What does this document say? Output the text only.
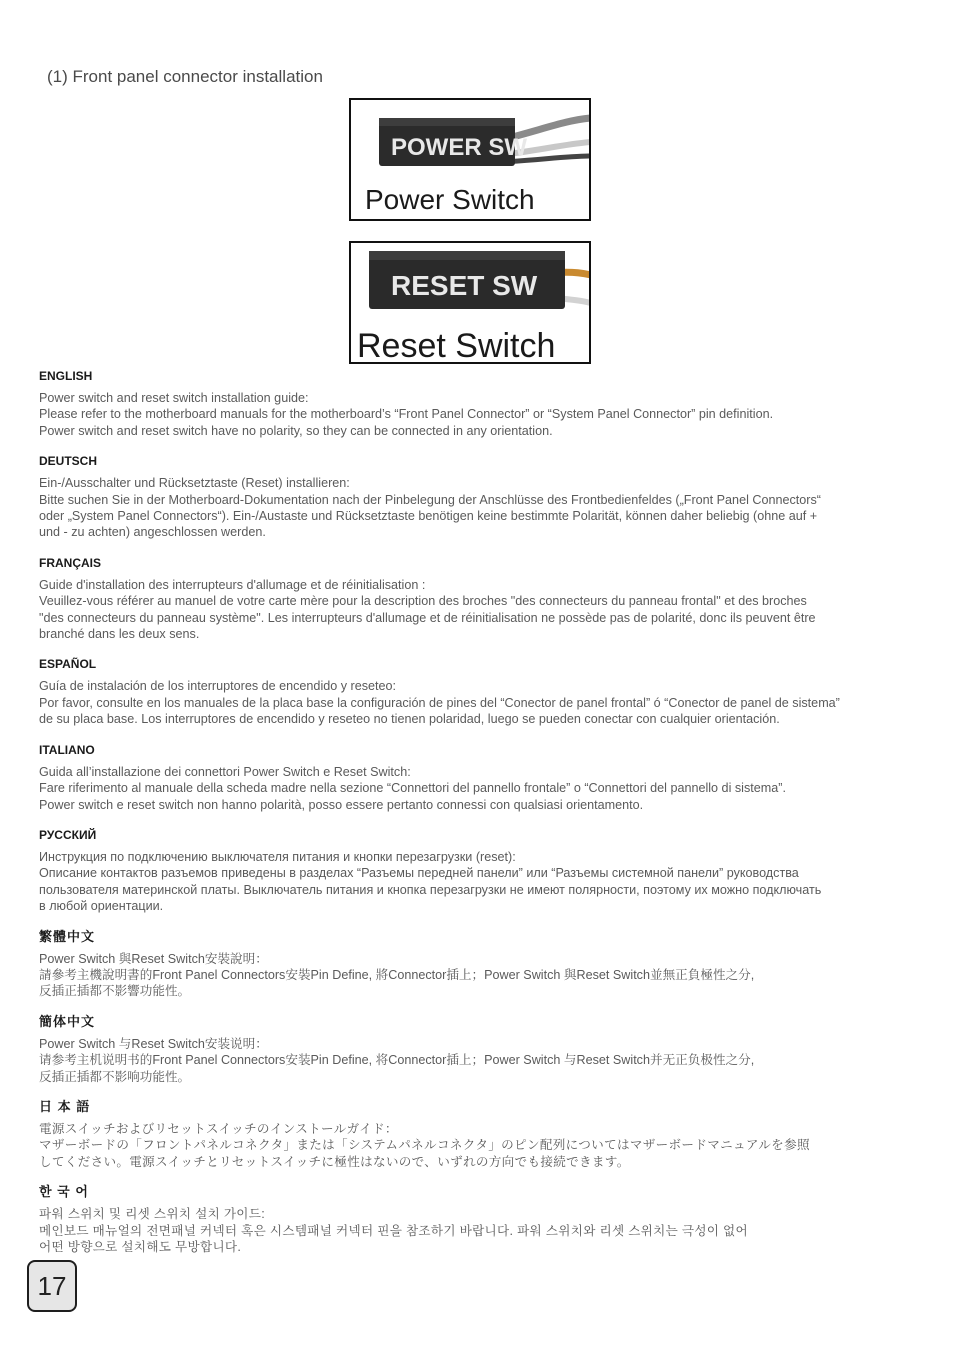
(1) Front panel connector installation
POWER SW
Power Switch
RESET SW
Reset Switch
ENGLISH

Power switch and reset switch installation guide:

Please refer to the motherboard manuals for the motherboard’s “Front Panel Connector” or “System Panel Connector” pin definition.

Power switch and reset switch have no polarity, so they can be connected in any orientation.

DEUTSCH

Ein-/Ausschalter und Rücksetztaste (Reset) installieren:

Bitte suchen Sie in der Motherboard-Dokumentation nach der Pinbelegung der Anschlüsse des Frontbedienfeldes („Front Panel Connectors“

oder „System Panel Connectors“). Ein-/Austaste und Rücksetztaste benötigen keine bestimmte Polarität, können daher beliebig (ohne auf +

und - zu achten) angeschlossen werden.

FRANÇAIS

Guide d'installation des interrupteurs d'allumage et de réinitialisation :

Veuillez-vous référer au manuel de votre carte mère pour la description des broches "des connecteurs du panneau frontal" et des broches

"des connecteurs du panneau système". Les interrupteurs d'allumage et de réinitialisation ne possède pas de polarité, donc ils peuvent être

branché dans les deux sens.

ESPAÑOL

Guía de instalación de los interruptores de encendido y reseteo:

Por favor, consulte en los manuales de la placa base la configuración de pines del “Conector de panel frontal” ó “Conector de panel de sistema”

de su placa base. Los interruptores de encendido y reseteo no tienen polaridad, luego se pueden conectar con cualquier orientación.

ITALIANO

Guida all’installazione dei connettori Power Switch e Reset Switch:

Fare riferimento al manuale della scheda madre nella sezione “Connettori del pannello frontale” o “Connettori del pannello di sistema”.

Power switch e reset switch non hanno polarità, posso essere pertanto connessi con qualsiasi orientamento.

РУССКИЙ

Инструкция по подключению выключателя питания и кнопки перезагрузки (reset):

Описание контактов разъемов приведены в разделах “Разъемы передней панели” или “Разъемы системной панели” руководства

пользователя материнской платы. Выключатель питания и кнопка перезагрузки не имеют полярности, поэтому их можно подключать

в любой ориентации.

繁體中文

Power Switch 與Reset Switch安裝說明：

請參考主機說明書的Front Panel Connectors安裝Pin Define, 將Connector插上；Power Switch 與Reset Switch並無正負極性之分,

反插正插都不影響功能性。

簡体中文

Power Switch 与Reset Switch安装说明：

请参考主机说明书的Front Panel Connectors安装Pin Define, 将Connector插上；Power Switch 与Reset Switch并无正负极性之分,

反插正插都不影响功能性。

日 本 語

電源スイッチおよびリセットスイッチのインストールガイド：

マザーボードの「フロントパネルコネクタ」または「システムパネルコネクタ」のピン配列についてはマザーボードマニュアルを参照

してください。電源スイッチとリセットスイッチに極性はないので、いずれの方向でも接続できます。

한 국 어

파워 스위치 및 리셋 스위치 설치 가이드:

메인보드 매뉴얼의 전면패널 커넥터 혹은 시스템패널 커넥터 핀을 참조하기 바랍니다. 파워 스위치와 리셋 스위치는 극성이 없어

어떤 방향으로 설치해도 무방합니다.

17
